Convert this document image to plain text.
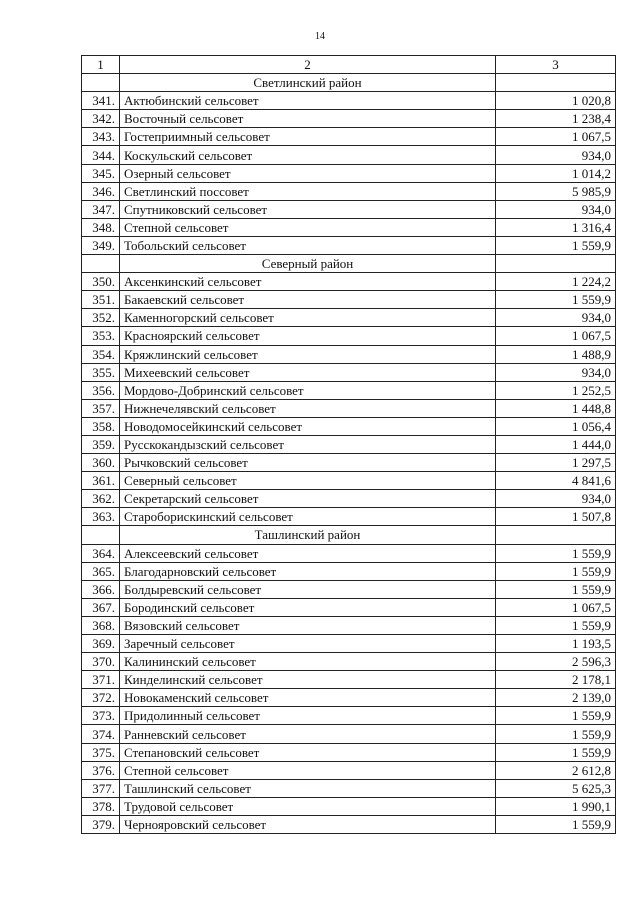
14
1	2	3
	Светлинский район	
341.	Актюбинский сельсовет	1 020,8
342.	Восточный сельсовет	1 238,4
343.	Гостеприимный сельсовет	1 067,5
344.	Коскульский сельсовет	934,0
345.	Озерный сельсовет	1 014,2
346.	Светлинский поссовет	5 985,9
347.	Спутниковский сельсовет	934,0
348.	Степной сельсовет	1 316,4
349.	Тобольский сельсовет	1 559,9
	Северный район	
350.	Аксенкинский сельсовет	1 224,2
351.	Бакаевский сельсовет	1 559,9
352.	Каменногорский сельсовет	934,0
353.	Красноярский сельсовет	1 067,5
354.	Кряжлинский сельсовет	1 488,9
355.	Михеевский сельсовет	934,0
356.	Мордово-Добринский сельсовет	1 252,5
357.	Нижнечелявский сельсовет	1 448,8
358.	Новодомосейкинский сельсовет	1 056,4
359.	Русскокандызский сельсовет	1 444,0
360.	Рычковский сельсовет	1 297,5
361.	Северный сельсовет	4 841,6
362.	Секретарский сельсовет	934,0
363.	Староборискинский сельсовет	1 507,8
	Ташлинский район	
364.	Алексеевский сельсовет	1 559,9
365.	Благодарновский сельсовет	1 559,9
366.	Болдыревский сельсовет	1 559,9
367.	Бородинский сельсовет	1 067,5
368.	Вязовский сельсовет	1 559,9
369.	Заречный сельсовет	1 193,5
370.	Калининский сельсовет	2 596,3
371.	Кинделинский сельсовет	2 178,1
372.	Новокаменский сельсовет	2 139,0
373.	Придолинный сельсовет	1 559,9
374.	Ранневский сельсовет	1 559,9
375.	Степановский сельсовет	1 559,9
376.	Степной сельсовет	2 612,8
377.	Ташлинский сельсовет	5 625,3
378.	Трудовой сельсовет	1 990,1
379.	Чернояровский сельсовет	1 559,9
